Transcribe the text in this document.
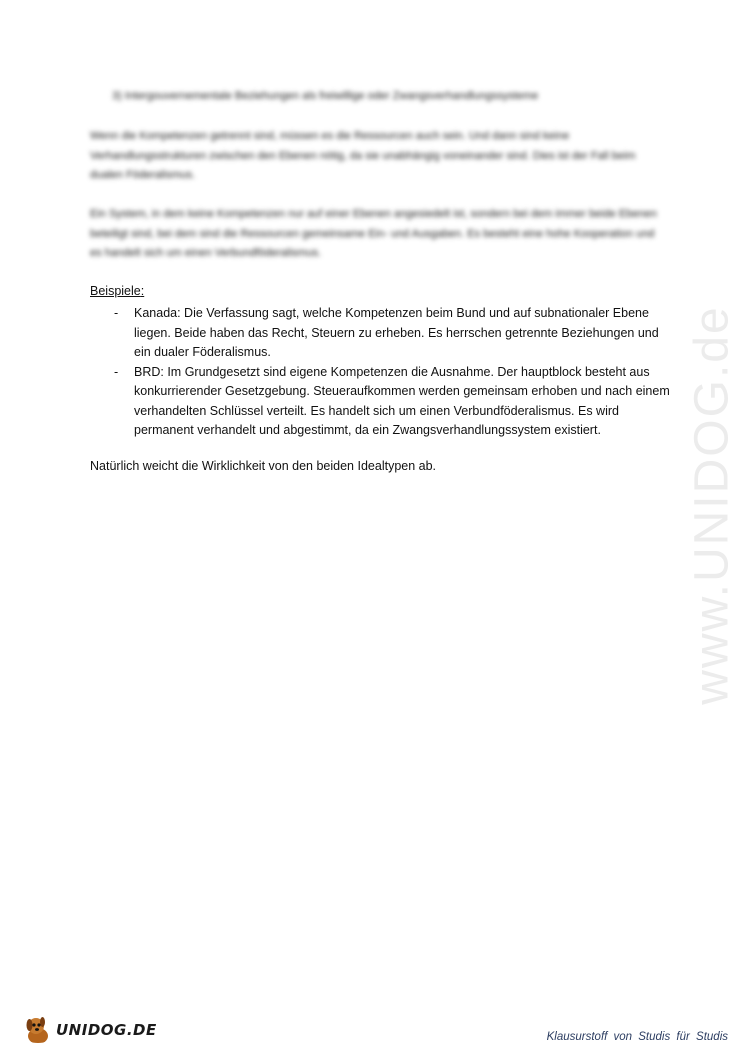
3) Intergouvernementale Beziehungen als freiwillige oder Zwangsverhandlungssysteme
Wenn die Kompetenzen getrennt sind, müssen es die Ressourcen auch sein. Und dann sind keine Verhandlungsstrukturen zwischen den Ebenen nötig, da sie unabhängig voneinander sind. Dies ist der Fall beim dualen Föderalismus.
Ein System, in dem keine Kompetenzen nur auf einer Ebenen angesiedelt ist, sondern bei dem immer beide Ebenen beteiligt sind, bei dem sind die Ressourcen gemeinsame Ein- und Ausgaben. Es besteht eine hohe Kooperation und es handelt sich um einen Verbundföderalismus.
Beispiele:
- Kanada: Die Verfassung sagt, welche Kompetenzen beim Bund und auf subnationaler Ebene liegen. Beide haben das Recht, Steuern zu erheben. Es herrschen getrennte Beziehungen und ein dualer Föderalismus.
- BRD: Im Grundgesetzt sind eigene Kompetenzen die Ausnahme. Der hauptblock besteht aus konkurrierender Gesetzgebung. Steueraufkommen werden gemeinsam erhoben und nach einem verhandelten Schlüssel verteilt. Es handelt sich um einen Verbundföderalismus. Es wird permanent verhandelt und abgestimmt, da ein Zwangsverhandlungssystem existiert.
Natürlich weicht die Wirklichkeit von den beiden Idealtypen ab.	www.UNIDOG.de
UNIDOG.DE	Klausurstoff von Studis für Studis
